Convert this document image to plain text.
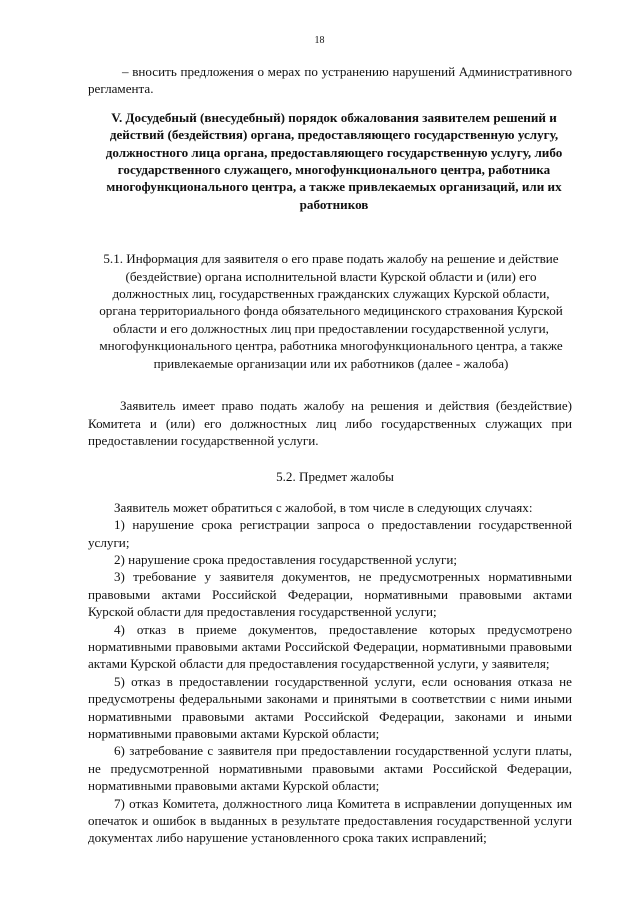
18

– вносить предложения о мерах по устранению нарушений Административного регламента.

V. Досудебный (внесудебный) порядок обжалования заявителем решений и действий (бездействия) органа, предоставляющего государственную услугу, должностного лица органа, предоставляющего государственную услугу, либо государственного служащего, многофункционального центра, работника многофункционального центра, а также привлекаемых организаций, или их работников

5.1. Информация для заявителя о его праве подать жалобу на решение и действие (бездействие) органа исполнительной власти Курской области и (или) его должностных лиц, государственных гражданских служащих Курской области, органа территориального фонда обязательного медицинского страхования Курской области и его должностных лиц при предоставлении государственной услуги, многофункционального центра, работника многофункционального центра, а также привлекаемые организации или их работников (далее - жалоба)

Заявитель имеет право подать жалобу на решения и действия (бездействие) Комитета и (или) его должностных лиц либо государственных служащих при предоставлении государственной услуги.

5.2. Предмет жалобы

Заявитель может обратиться с жалобой, в том числе в следующих случаях:

1) нарушение срока регистрации запроса о предоставлении государственной услуги;

2) нарушение срока предоставления государственной услуги;

3) требование у заявителя документов, не предусмотренных нормативными правовыми актами Российской Федерации, нормативными правовыми актами Курской области для предоставления государственной услуги;

4) отказ в приеме документов, предоставление которых предусмотрено нормативными правовыми актами Российской Федерации, нормативными правовыми актами Курской области для предоставления государственной услуги, у заявителя;

5) отказ в предоставлении государственной услуги, если основания отказа не предусмотрены федеральными законами и принятыми в соответствии с ними иными нормативными правовыми актами Российской Федерации, законами и иными нормативными правовыми актами Курской области;

6) затребование с заявителя при предоставлении государственной услуги платы, не предусмотренной нормативными правовыми актами Российской Федерации, нормативными правовыми актами Курской области;

7) отказ Комитета, должностного лица Комитета в исправлении допущенных им опечаток и ошибок в выданных в результате предоставления государственной услуги документах либо нарушение установленного срока таких исправлений;
